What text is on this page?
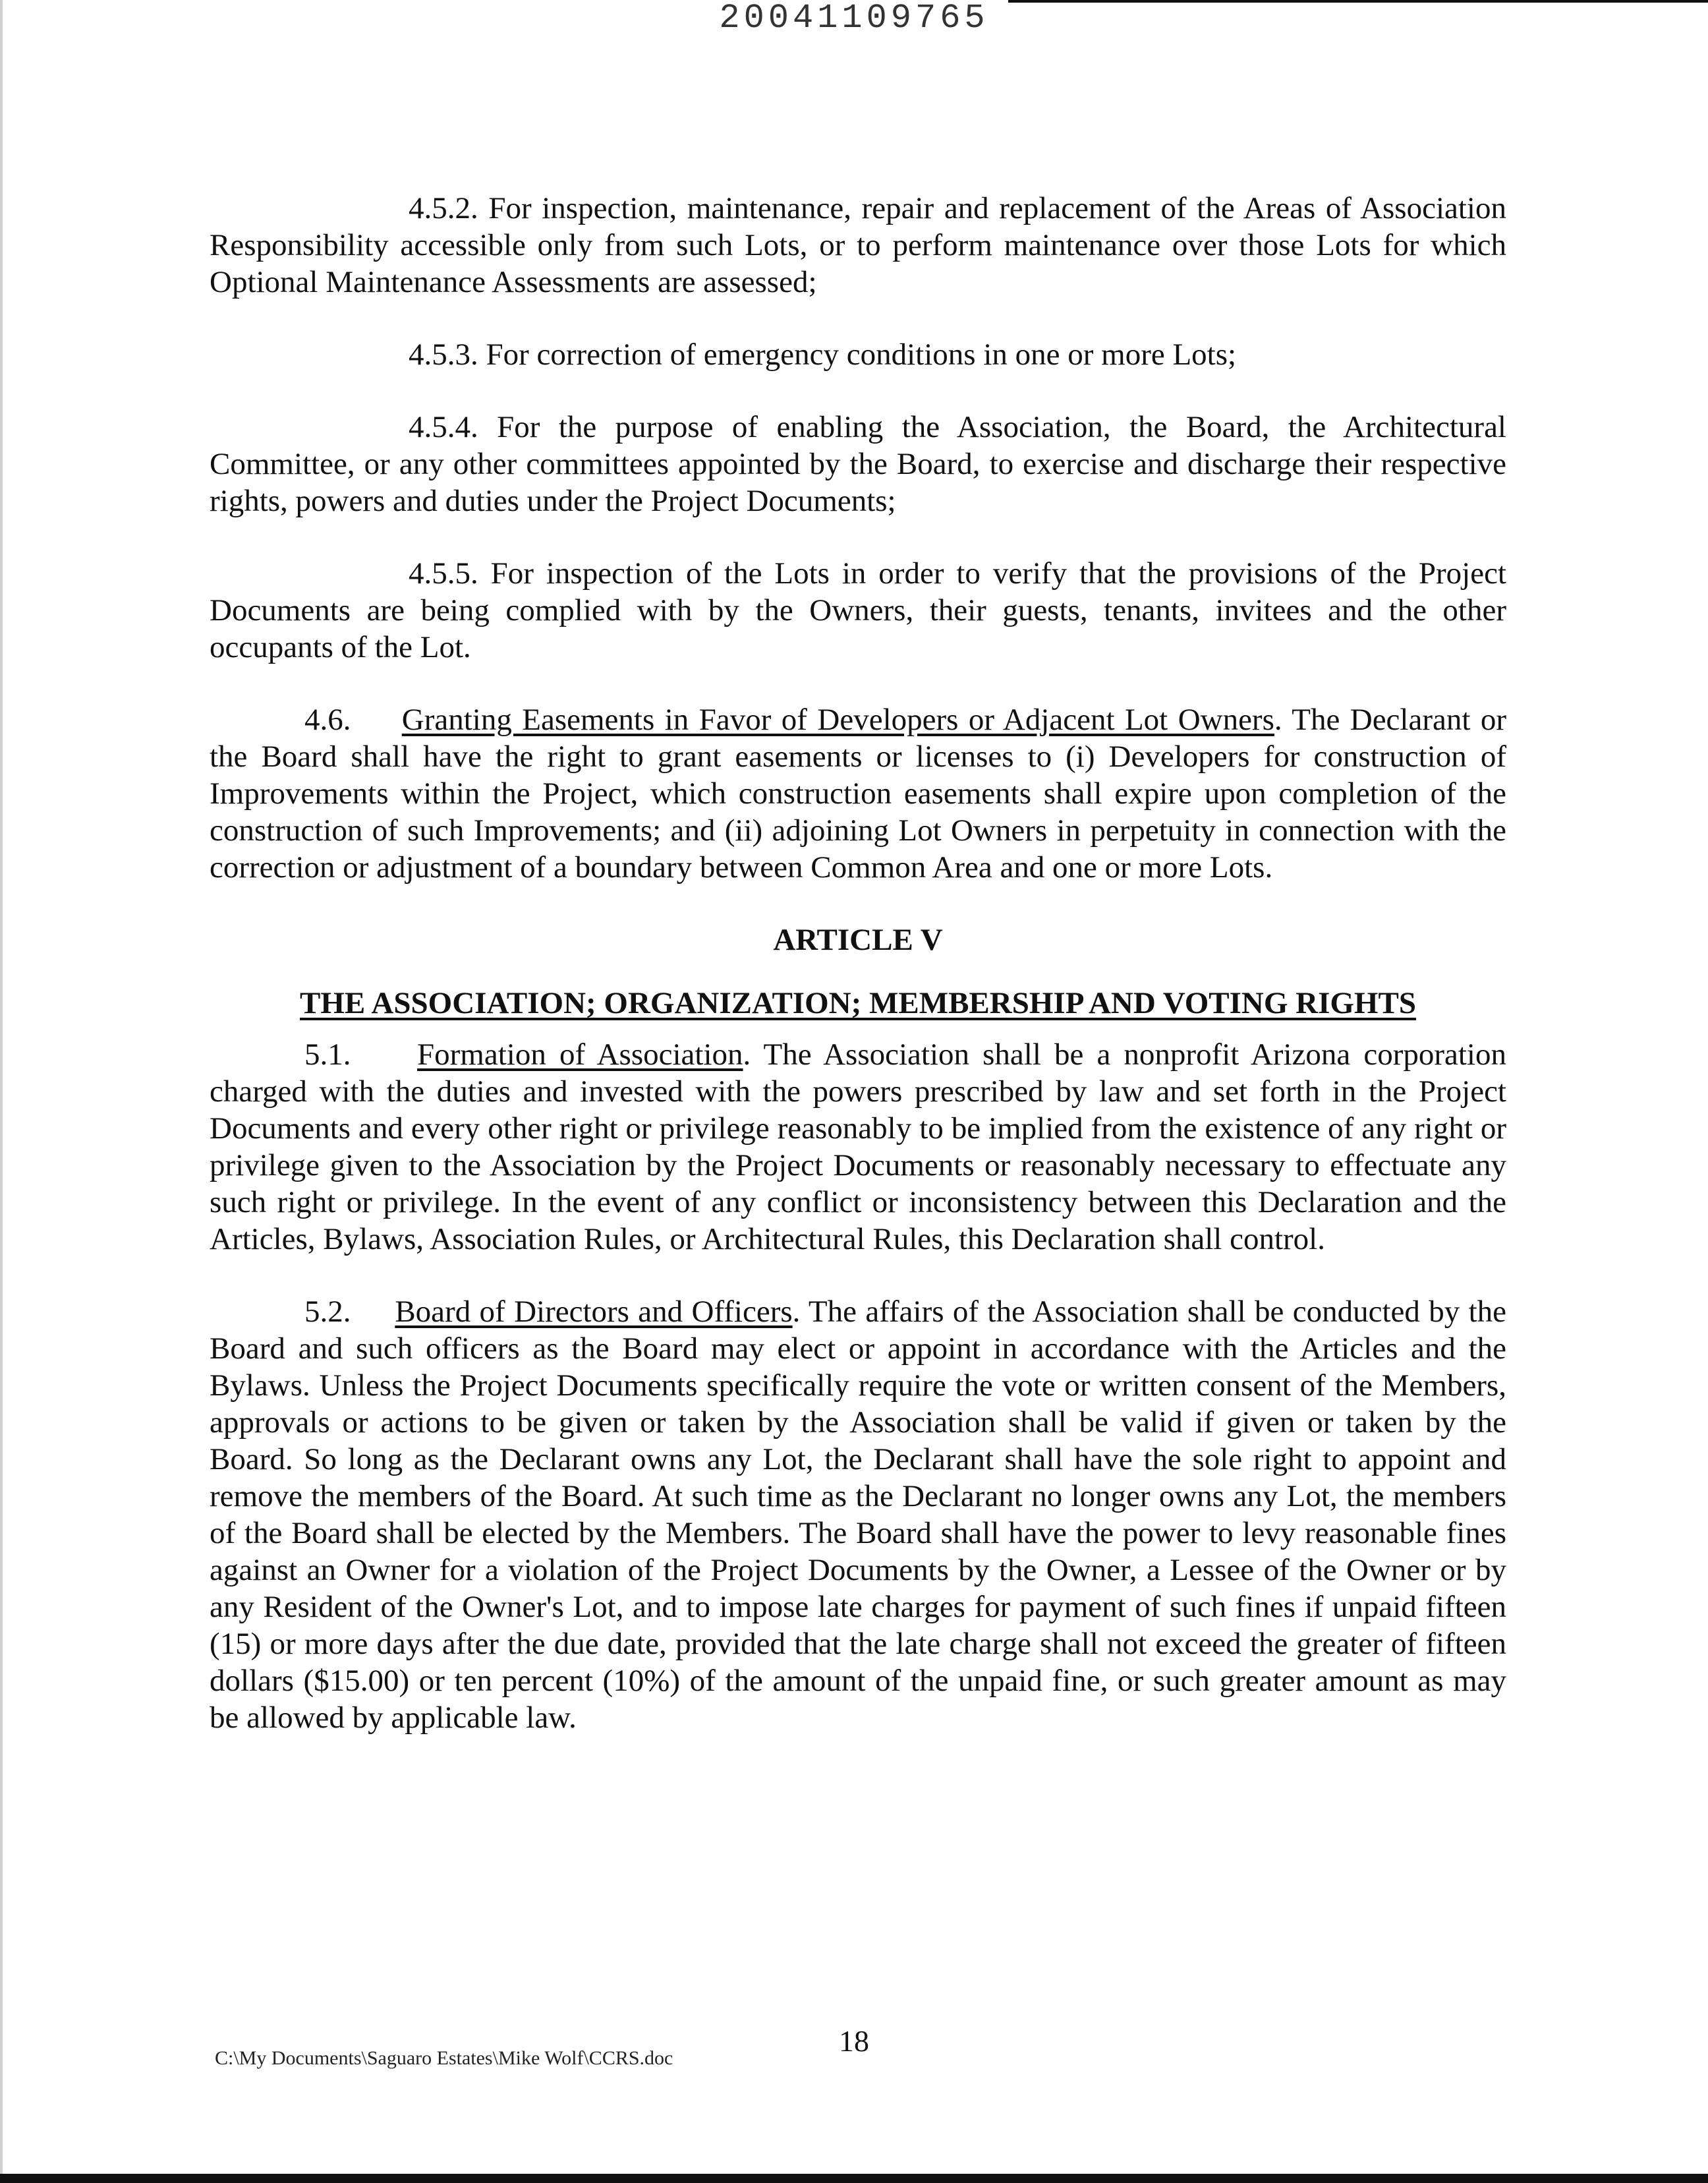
20041109765

4.5.2. For inspection, maintenance, repair and replacement of the Areas of Association Responsibility accessible only from such Lots, or to perform maintenance over those Lots for which Optional Maintenance Assessments are assessed;

4.5.3. For correction of emergency conditions in one or more Lots;

4.5.4. For the purpose of enabling the Association, the Board, the Architectural Committee, or any other committees appointed by the Board, to exercise and discharge their respective rights, powers and duties under the Project Documents;

4.5.5. For inspection of the Lots in order to verify that the provisions of the Project Documents are being complied with by the Owners, their guests, tenants, invitees and the other occupants of the Lot.

4.6. Granting Easements in Favor of Developers or Adjacent Lot Owners. The Declarant or the Board shall have the right to grant easements or licenses to (i) Developers for construction of Improvements within the Project, which construction easements shall expire upon completion of the construction of such Improvements; and (ii) adjoining Lot Owners in perpetuity in connection with the correction or adjustment of a boundary between Common Area and one or more Lots.

ARTICLE V
THE ASSOCIATION; ORGANIZATION; MEMBERSHIP AND VOTING RIGHTS

5.1. Formation of Association. The Association shall be a nonprofit Arizona corporation charged with the duties and invested with the powers prescribed by law and set forth in the Project Documents and every other right or privilege reasonably to be implied from the existence of any right or privilege given to the Association by the Project Documents or reasonably necessary to effectuate any such right or privilege. In the event of any conflict or inconsistency between this Declaration and the Articles, Bylaws, Association Rules, or Architectural Rules, this Declaration shall control.

5.2. Board of Directors and Officers. The affairs of the Association shall be conducted by the Board and such officers as the Board may elect or appoint in accordance with the Articles and the Bylaws. Unless the Project Documents specifically require the vote or written consent of the Members, approvals or actions to be given or taken by the Association shall be valid if given or taken by the Board. So long as the Declarant owns any Lot, the Declarant shall have the sole right to appoint and remove the members of the Board. At such time as the Declarant no longer owns any Lot, the members of the Board shall be elected by the Members. The Board shall have the power to levy reasonable fines against an Owner for a violation of the Project Documents by the Owner, a Lessee of the Owner or by any Resident of the Owner's Lot, and to impose late charges for payment of such fines if unpaid fifteen (15) or more days after the due date, provided that the late charge shall not exceed the greater of fifteen dollars ($15.00) or ten percent (10%) of the amount of the unpaid fine, or such greater amount as may be allowed by applicable law.

18
C:\My Documents\Saguaro Estates\Mike Wolf\CCRS.doc
